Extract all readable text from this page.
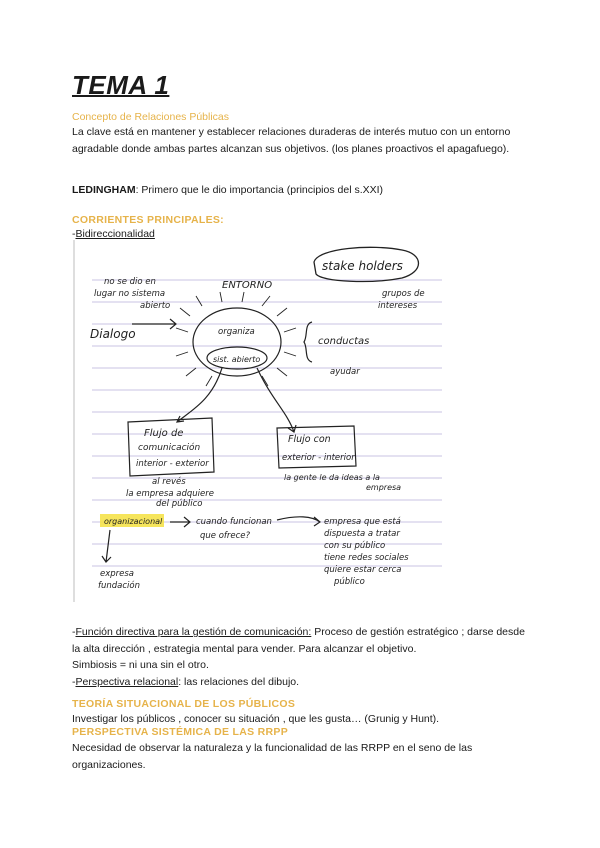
TEMA 1
Concepto de Relaciones Públicas

La clave está en mantener y establecer relaciones duraderas de interés mutuo con un entorno agradable donde ambas partes alcanzan sus objetivos. (los planes proactivos el apagafuego).

LEDINGHAM: Primero que le dio importancia (principios del s.XXI)

CORRIENTES PRINCIPALES:

-Bidireccionalidad

no se dio en
lugar no sistema
abierto
ENTORNO
stake holders
grupos de
intereses
Dialogo	organiza
sist. abierto
conductas
ayudar
Flujo de
comunicación
interior - exterior
al revés
la empresa adquiere
del público
Flujo con
exterior - interior
la gente le da ideas a la
empresa
organizacional	cuando funcionan
que ofrece?
empresa que está
dispuesta a tratar
con su público
tiene redes sociales
quiere estar cerca
público
expresa
fundación

-Función directiva para la gestión de comunicación: Proceso de gestión estratégico ; darse desde la alta dirección , estrategia mental para vender. Para alcanzar el objetivo.
Simbiosis = ni una sin el otro.
-Perspectiva relacional: las relaciones del dibujo.

TEORÍA SITUACIONAL DE LOS PÚBLICOS

Investigar los públicos , conocer su situación , que les gusta… (Grunig y Hunt).

PERSPECTIVA SISTÉMICA DE LAS RRPP

Necesidad de observar la naturaleza y la funcionalidad de las RRPP en el seno de las organizaciones.
